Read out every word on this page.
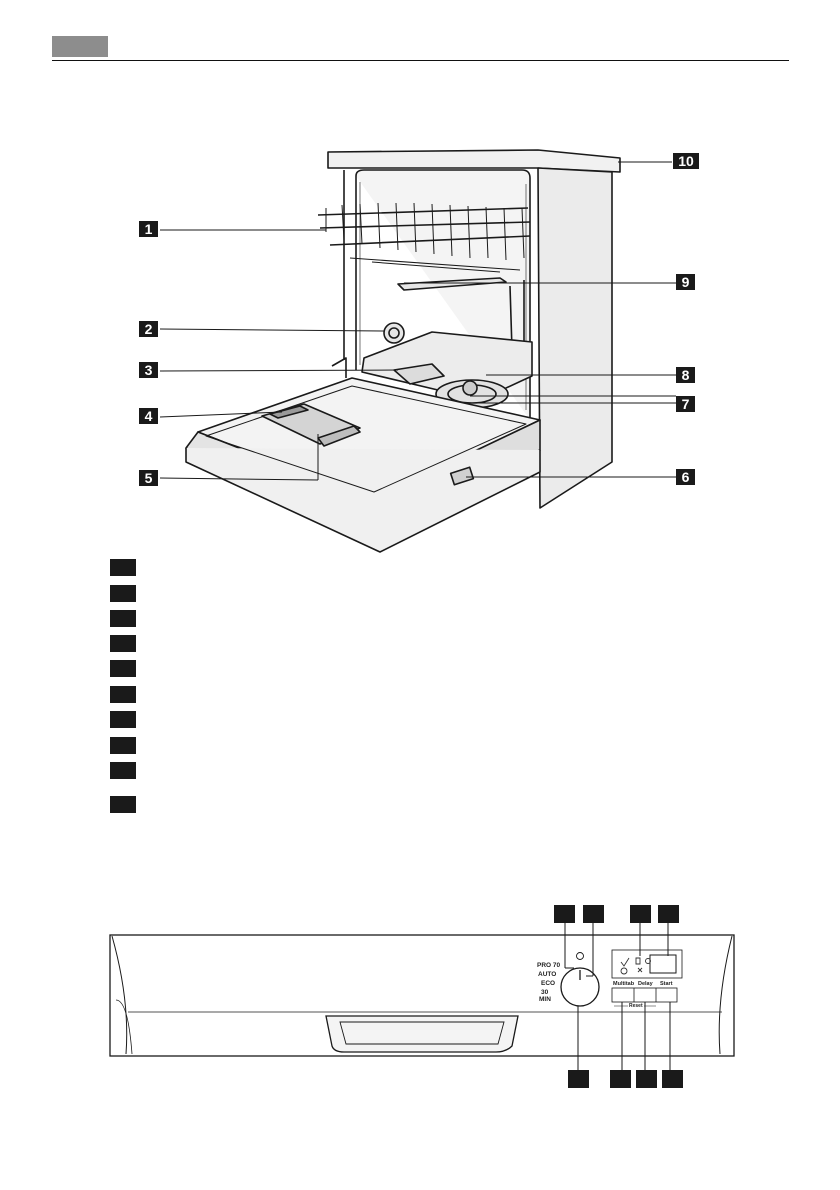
1
2
3
4
5	6
7
8
9
10
PRO 70
AUTO
ECO
30
MIN
Multitab Delay Start
Reset
